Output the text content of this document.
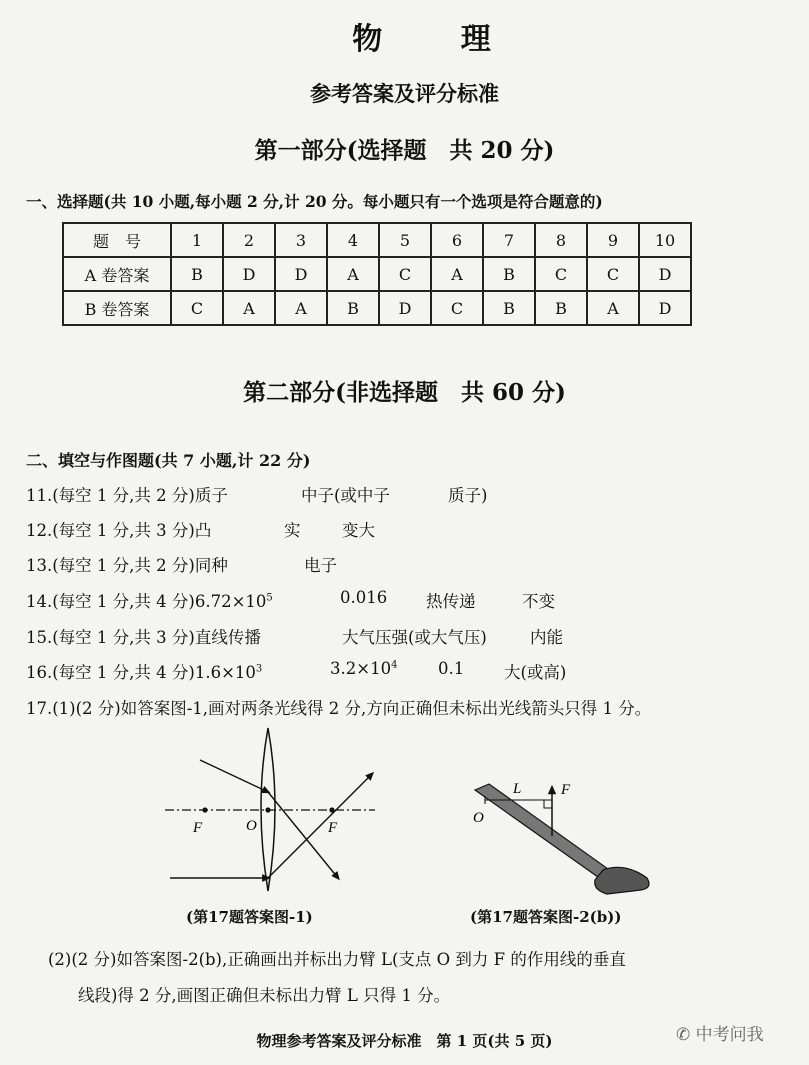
物 理
参考答案及评分标准
第一部分(选择题　共 20 分)
一、选择题(共 10 小题,每小题 2 分,计 20 分。每小题只有一个选项是符合题意的)
题　号	1	2	3	4	5	6	7	8	9	10
A 卷答案	B	D	D	A	C	A	B	C	C	D
B 卷答案	C	A	A	B	D	C	B	B	A	D
第二部分(非选择题　共 60 分)
二、填空与作图题(共 7 小题,计 22 分)
11.(每空 1 分,共 2 分)质子	中子(或中子	质子)
12.(每空 1 分,共 3 分)凸	实	变大
13.(每空 1 分,共 2 分)同种	电子
14.(每空 1 分,共 4 分)$6.72\times 10^5$	0.016 热传递	不变
15.(每空 1 分,共 3 分)直线传播	大气压强(或大气压)	内能
16.(每空 1 分,共 4 分)$1.6\times 10^3$	$3.2\times 10^4$ 0.1 大(或高)
17.(1)(2 分)如答案图-1,画对两条光线得 2 分,方向正确但未标出光线箭头只得 1 分。
F	O	F
(第17题答案图-1)
L	F
O
(第17题答案图-2(b))
(2)(2 分)如答案图-2(b),正确画出并标出力臂 L(支点 O 到力 F 的作用线的垂直
线段)得 2 分,画图正确但未标出力臂 L 只得 1 分。
物理参考答案及评分标准　第 1 页(共 5 页)	✆ 中考问我
